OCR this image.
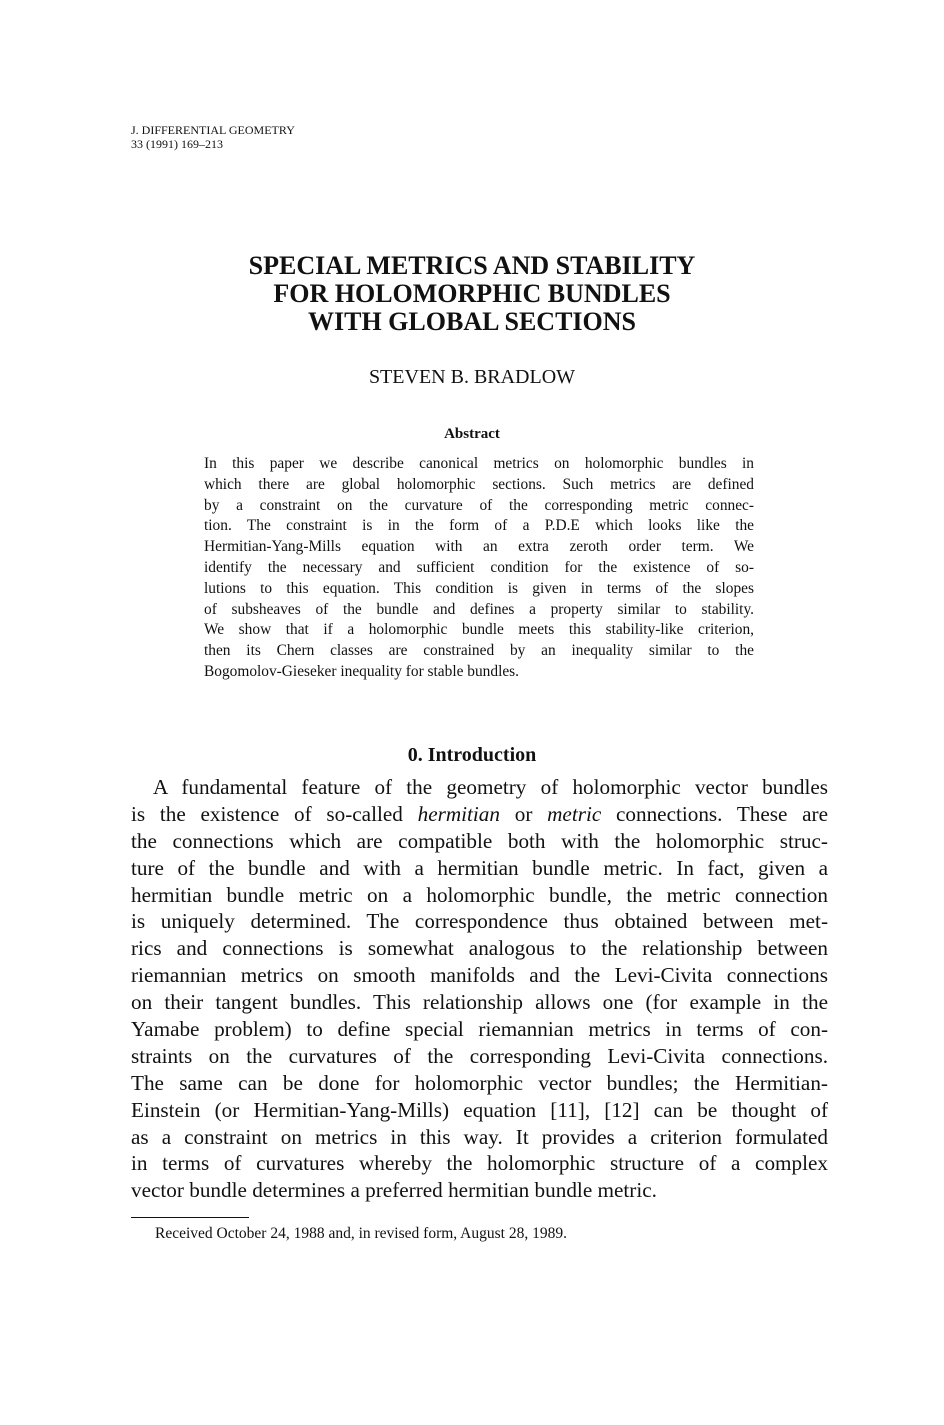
J. DIFFERENTIAL GEOMETRY
33 (1991) 169–213
SPECIAL METRICS AND STABILITY
FOR HOLOMORPHIC BUNDLES
WITH GLOBAL SECTIONS
STEVEN B. BRADLOW
Abstract
In this paper we describe canonical metrics on holomorphic bundles in
which there are global holomorphic sections. Such metrics are defined
by a constraint on the curvature of the corresponding metric connec-
tion. The constraint is in the form of a P.D.E which looks like the
Hermitian-Yang-Mills equation with an extra zeroth order term. We
identify the necessary and sufficient condition for the existence of so-
lutions to this equation. This condition is given in terms of the slopes
of subsheaves of the bundle and defines a property similar to stability.
We show that if a holomorphic bundle meets this stability-like criterion,
then its Chern classes are constrained by an inequality similar to the
Bogomolov-Gieseker inequality for stable bundles.
0. Introduction
A fundamental feature of the geometry of holomorphic vector bundles
is the existence of so-called hermitian or metric connections. These are
the connections which are compatible both with the holomorphic struc-
ture of the bundle and with a hermitian bundle metric. In fact, given a
hermitian bundle metric on a holomorphic bundle, the metric connection
is uniquely determined. The correspondence thus obtained between met-
rics and connections is somewhat analogous to the relationship between
riemannian metrics on smooth manifolds and the Levi-Civita connections
on their tangent bundles. This relationship allows one (for example in the
Yamabe problem) to define special riemannian metrics in terms of con-
straints on the curvatures of the corresponding Levi-Civita connections.
The same can be done for holomorphic vector bundles; the Hermitian-
Einstein (or Hermitian-Yang-Mills) equation [11], [12] can be thought of
as a constraint on metrics in this way. It provides a criterion formulated
in terms of curvatures whereby the holomorphic structure of a complex
vector bundle determines a preferred hermitian bundle metric.
Received October 24, 1988 and, in revised form, August 28, 1989.
